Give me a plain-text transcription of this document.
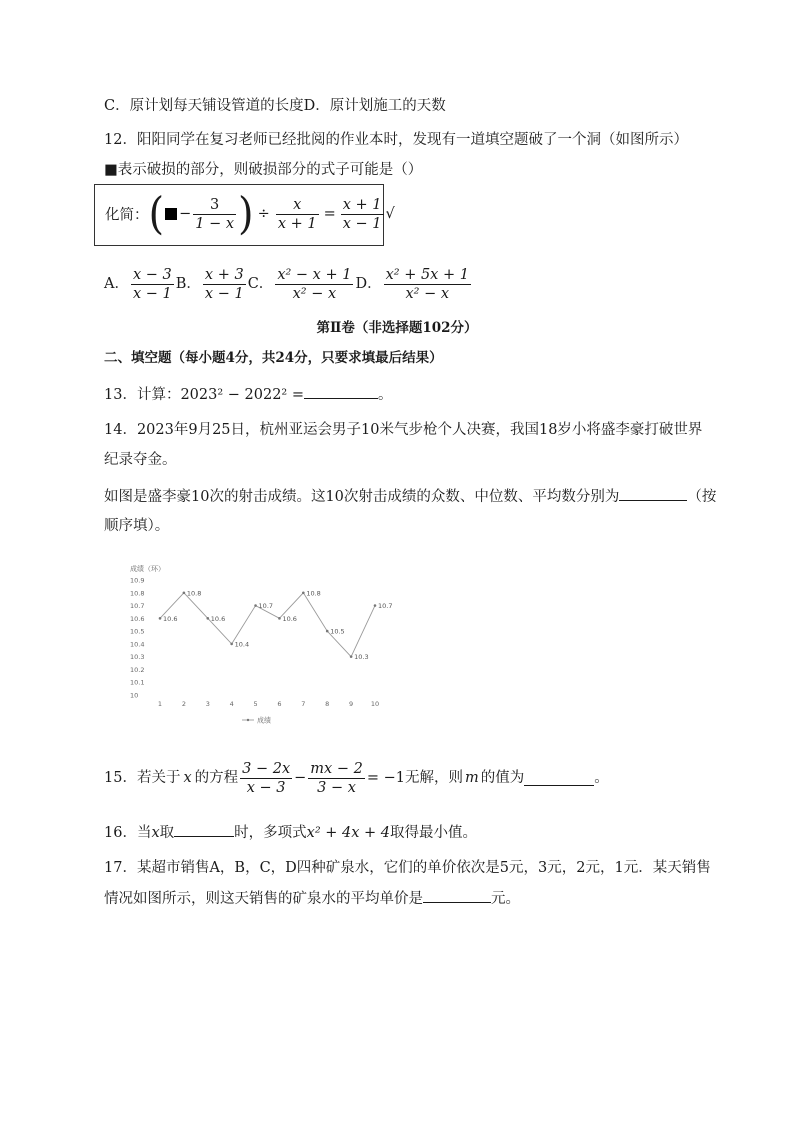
C．原计划每天铺设管道的长度D．原计划施工的天数
12．阳阳同学在复习老师已经批阅的作业本时，发现有一道填空题破了一个洞（如图所示）
■表示破损的部分，则破损部分的式子可能是（）
化简：( − $\frac{3}{1 - x}$ ) ÷ $\frac{x}{x + 1} = \frac{x + 1}{x - 1}$ √
A． $\frac{x - 3}{x - 1}$ B． $\frac{x + 3}{x - 1}$ C． $\frac{\text{x² − x + 1}}{\text{x² − x}}$ D． $\frac{\text{x² + 5x + 1}}{\text{x² − x}}$
第Ⅱ卷（非选择题102分）
二、填空题（每小题4分，共24分，只要求填最后结果）
13．计算：2023² − 2022² =	。
14．2023年9月25日，杭州亚运会男子10米气步枪个人决赛，我国18岁小将盛李豪打破世界
纪录夺金。
如图是盛李豪10次的射击成绩。这10次射击成绩的众数、中位数、平均数分别为	（按
顺序填）。
成绩（环）
10
10.1
10.2
10.3
10.4
10.5
10.6
10.7
10.8
10.9
1	2	3	4	5	6	7	8	9	10
10.6
10.8
10.6
10.4
10.7
10.6
10.8
10.5
10.3
10.7
成绩
15．若关于 x 的方程 $\frac{3 - 2x}{x - 3} - \frac{mx - 2}{3 - x} = -1$无解，则 m 的值为	。
16．当x取	时，多项式x² + 4x + 4取得最小值。
17．某超市销售A，B，C，D四种矿泉水，它们的单价依次是5元，3元，2元，1元．某天销售
情况如图所示，则这天销售的矿泉水的平均单价是	元。
